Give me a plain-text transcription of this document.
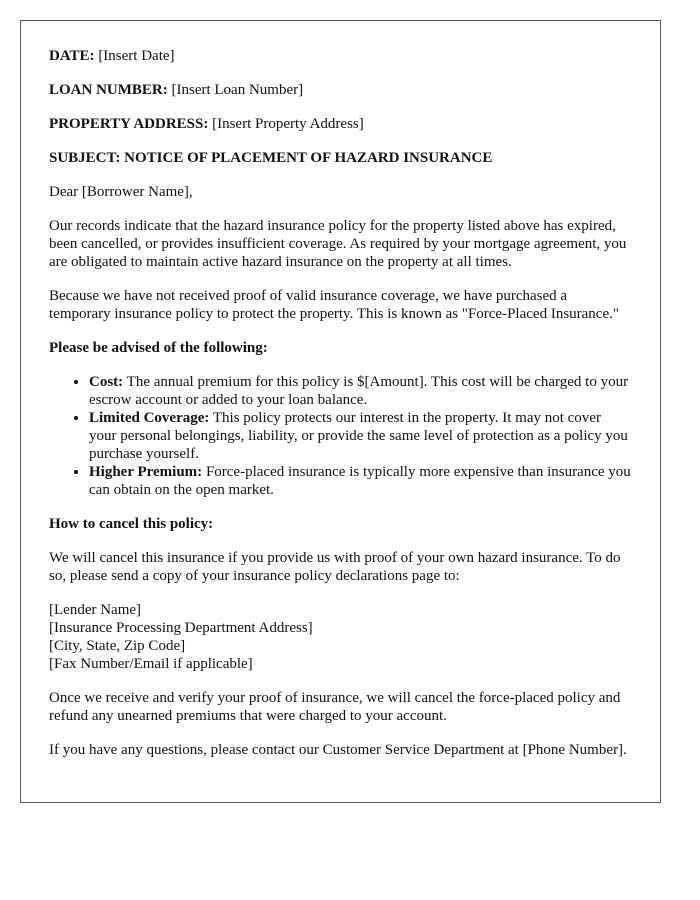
DATE: [Insert Date]

LOAN NUMBER: [Insert Loan Number]

PROPERTY ADDRESS: [Insert Property Address]

SUBJECT: NOTICE OF PLACEMENT OF HAZARD INSURANCE

Dear [Borrower Name],

Our records indicate that the hazard insurance policy for the property listed above has expired, been cancelled, or provides insufficient coverage. As required by your mortgage agreement, you are obligated to maintain active hazard insurance on the property at all times.

Because we have not received proof of valid insurance coverage, we have purchased a temporary insurance policy to protect the property. This is known as "Force-Placed Insurance."

Please be advised of the following:

• Cost: The annual premium for this policy is $[Amount]. This cost will be charged to your escrow account or added to your loan balance.
• Limited Coverage: This policy protects our interest in the property. It may not cover your personal belongings, liability, or provide the same level of protection as a policy you purchase yourself.
• Higher Premium: Force-placed insurance is typically more expensive than insurance you can obtain on the open market.

How to cancel this policy:

We will cancel this insurance if you provide us with proof of your own hazard insurance. To do so, please send a copy of your insurance policy declarations page to:

[Lender Name]
[Insurance Processing Department Address]
[City, State, Zip Code]
[Fax Number/Email if applicable]

Once we receive and verify your proof of insurance, we will cancel the force-placed policy and refund any unearned premiums that were charged to your account.

If you have any questions, please contact our Customer Service Department at [Phone Number].
